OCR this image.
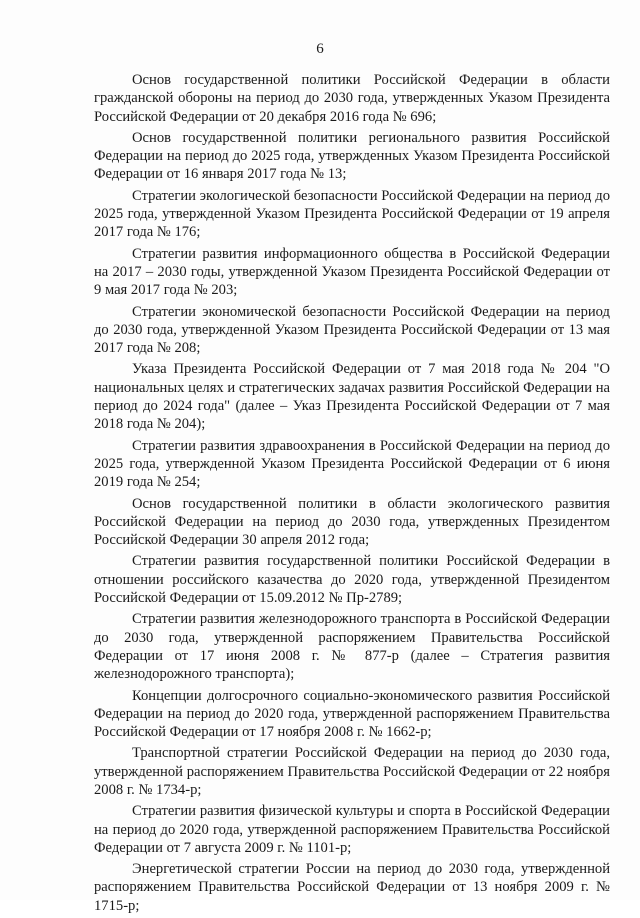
6

Основ государственной политики Российской Федерации в области гражданской обороны на период до 2030 года, утвержденных Указом Президента Российской Федерации от 20 декабря 2016 года № 696;

Основ государственной политики регионального развития Российской Федерации на период до 2025 года, утвержденных Указом Президента Российской Федерации от 16 января 2017 года № 13;

Стратегии экологической безопасности Российской Федерации на период до 2025 года, утвержденной Указом Президента Российской Федерации от 19 апреля 2017 года № 176;

Стратегии развития информационного общества в Российской Федерации на 2017 – 2030 годы, утвержденной Указом Президента Российской Федерации от 9 мая 2017 года № 203;

Стратегии экономической безопасности Российской Федерации на период до 2030 года, утвержденной Указом Президента Российской Федерации от 13 мая 2017 года № 208;

Указа Президента Российской Федерации от 7 мая 2018 года № 204 "О национальных целях и стратегических задачах развития Российской Федерации на период до 2024 года" (далее – Указ Президента Российской Федерации от 7 мая 2018 года № 204);

Стратегии развития здравоохранения в Российской Федерации на период до 2025 года, утвержденной Указом Президента Российской Федерации от 6 июня 2019 года № 254;

Основ государственной политики в области экологического развития Российской Федерации на период до 2030 года, утвержденных Президентом Российской Федерации 30 апреля 2012 года;

Стратегии развития государственной политики Российской Федерации в отношении российского казачества до 2020 года, утвержденной Президентом Российской Федерации от 15.09.2012 № Пр-2789;

Стратегии развития железнодорожного транспорта в Российской Федерации до 2030 года, утвержденной распоряжением Правительства Российской Федерации от 17 июня 2008 г. № 877-р (далее – Стратегия развития железнодорожного транспорта);

Концепции долгосрочного социально-экономического развития Российской Федерации на период до 2020 года, утвержденной распоряжением Правительства Российской Федерации от 17 ноября 2008 г. № 1662-р;

Транспортной стратегии Российской Федерации на период до 2030 года, утвержденной распоряжением Правительства Российской Федерации от 22 ноября 2008 г. № 1734-р;

Стратегии развития физической культуры и спорта в Российской Федерации на период до 2020 года, утвержденной распоряжением Правительства Российской Федерации от 7 августа 2009 г. № 1101-р;

Энергетической стратегии России на период до 2030 года, утвержденной распоряжением Правительства Российской Федерации от 13 ноября 2009 г. № 1715-р;
